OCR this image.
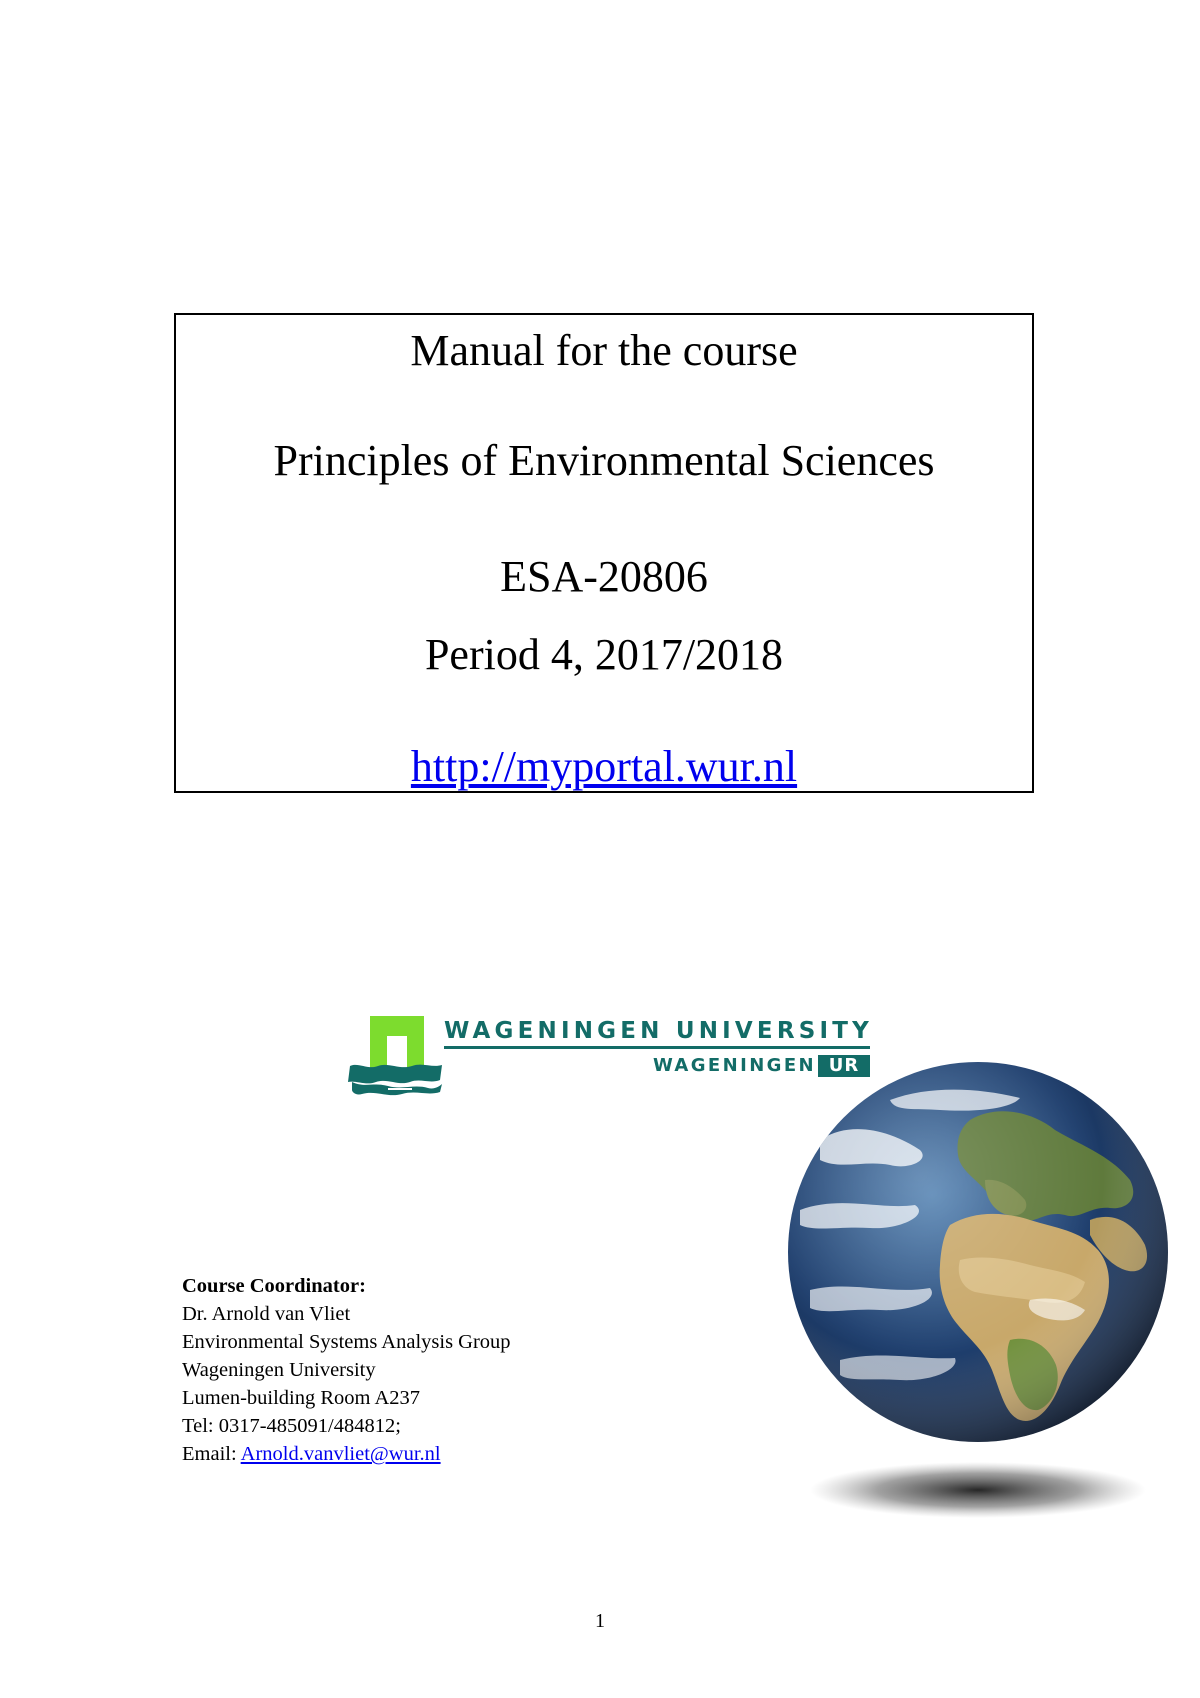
Manual for the course
Principles of Environmental Sciences
ESA-20806
Period 4, 2017/2018
http://myportal.wur.nl
WAGENINGEN UNIVERSITY
WAGENINGEN UR
Course Coordinator:
Dr. Arnold van Vliet
Environmental Systems Analysis Group
Wageningen University
Lumen-building Room A237
Tel: 0317-485091/484812;
Email: Arnold.vanvliet@wur.nl
1
